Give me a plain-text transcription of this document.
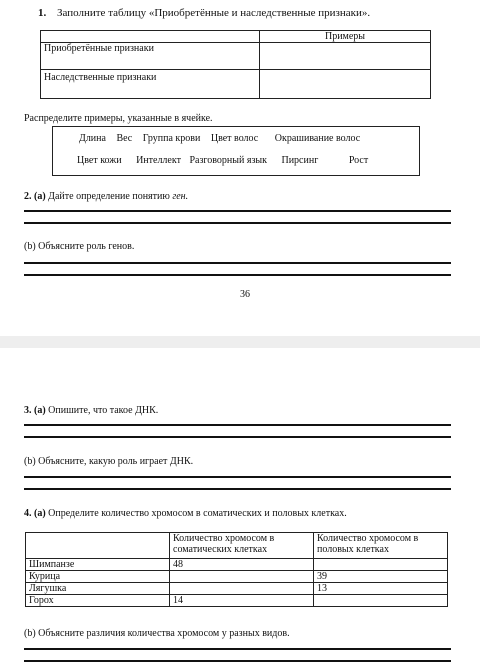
1. Заполните таблицу «Приобретённые и наследственные признаки».
	Примеры
Приобретённые признаки	
Наследственные признаки	
Распределите примеры, указанные в ячейке.
Длина Вес Группа крови Цвет волос Окрашивание волос
Цвет кожи Интеллект Разговорный язык Пирсинг	Рост
2. (а) Дайте определение понятию ген.
(b) Объясните роль генов.
36
3. (а) Опишите, что такое ДНК.
(b) Объясните, какую роль играет ДНК.
4. (а) Определите количество хромосом в соматических и половых клетках.
	Количество хромосом в соматических клетках	Количество хромосом в половых клетках
Шимпанзе	48	
Курица		39
Лягушка		13
Горох	14	
(b) Объясните различия количества хромосом у разных видов.
